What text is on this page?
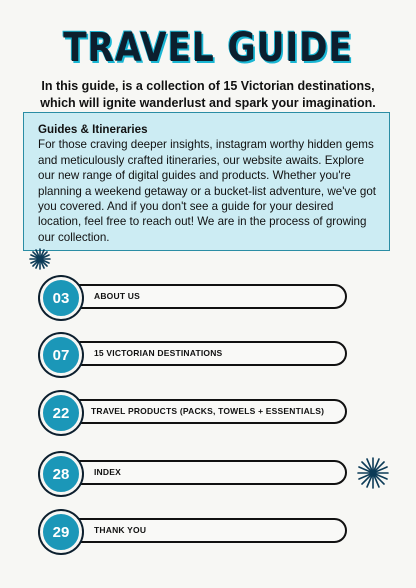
TRAVEL GUIDE
In this guide, is a collection of 15 Victorian destinations, which will ignite wanderlust and spark your imagination.
Guides & Itineraries
For those craving deeper insights, instagram worthy hidden gems and meticulously crafted itineraries, our website awaits. Explore our new range of digital guides and products. Whether you're planning a weekend getaway or a bucket-list adventure, we've got you covered. And if you don't see a guide for your desired location, feel free to reach out! We are in the process of growing our collection.
ABOUT US
03
15 VICTORIAN DESTINATIONS
07
TRAVEL PRODUCTS (PACKS, TOWELS + ESSENTIALS)
22
INDEX
28
THANK YOU
29
